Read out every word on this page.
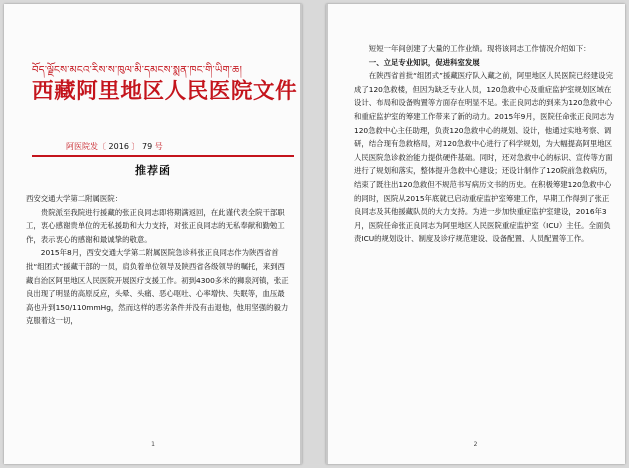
བོད་ལྗོངས་མངའ་རིས་ས་ཁུལ་མི་དམངས་སྨན་ཁང་གི་ཡིག་ཆ།
西藏阿里地区人民医院文件
阿医院发〔 2016 〕 79 号
推荐函

西安交通大学第二附属医院：

贵院派至我院进行援藏的张正良同志即将期满返回，在此谨代表全院干部职工，衷心感谢贵单位的无私援助和大力支持，对张正良同志的无私奉献和勤勉工作，表示衷心的感谢和最诚挚的敬意。

2015年8月，西安交通大学第二附属医院急诊科张正良同志作为陕西省首批“组团式”援藏干部的一员，肩负着单位领导及陕西省各级领导的嘱托，来到西藏自治区阿里地区人民医院开展医疗支援工作。初到4300多米的狮泉河镇，张正良出现了明显的高原反应，头晕、头痛、恶心呕吐、心率增快、失眠等，血压最高也升到150/110mmHg，然而这样的恶劣条件并没有击退他，他用坚强的毅力克服着这一切，

1

短短一年间创建了大量的工作业绩。现将该同志工作情况介绍如下：

一、立足专业知识，促进科室发展

在陕西省首批“组团式”援藏医疗队入藏之前，阿里地区人民医院已经建设完成了120急救楼，但因为缺乏专业人员，120急救中心及重症监护室规划区域在设计、布局和设备购置等方面存在明显不足。张正良同志的到来为120急救中心和重症监护室的筹建工作带来了新的动力。2015年9月，医院任命张正良同志为120急救中心主任助理，负责120急救中心的规划、设计，他通过实地考察、调研，结合现有急救格局，对120急救中心进行了科学规划，为大幅提高阿里地区人民医院急诊救治能力提供硬件基础。同时，还对急救中心的标识、宣传等方面进行了规划和落实，整体提升急救中心建设；还设计制作了120院前急救病历，结束了既往出120急救但不规范书写病历文书的历史。在积极筹建120急救中心的同时，医院从2015年底就已启动重症监护室筹建工作，早期工作得到了张正良同志及其他援藏队员的大力支持。为进一步加快重症监护室建设，2016年3月，医院任命张正良同志为阿里地区人民医院重症监护室（ICU）主任。全面负责ICU的规划设计、制度及诊疗规范建设、设备配置、人员配置等工作。

2
